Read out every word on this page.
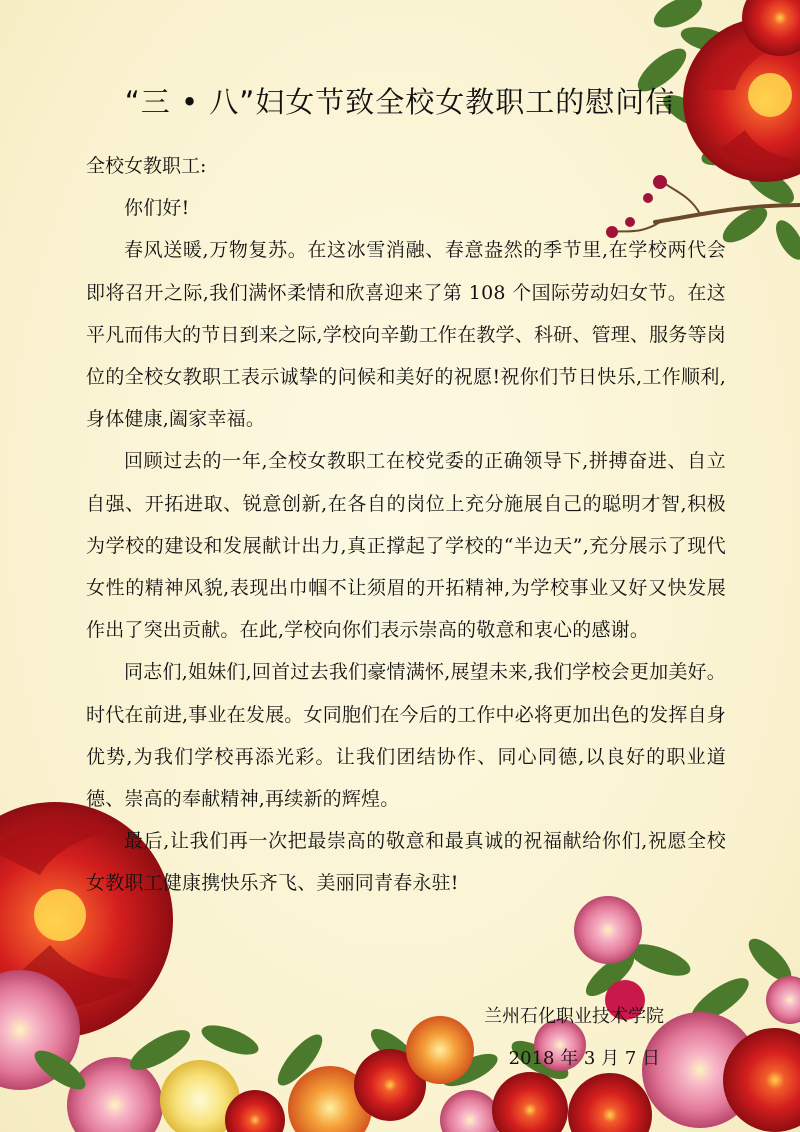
“三 • 八”妇女节致全校女教职工的慰问信

全校女教职工:

你们好!

春风送暖,万物复苏。在这冰雪消融、春意盎然的季节里,在学校两代会即将召开之际,我们满怀柔情和欣喜迎来了第 108 个国际劳动妇女节。在这平凡而伟大的节日到来之际,学校向辛勤工作在教学、科研、管理、服务等岗位的全校女教职工表示诚挚的问候和美好的祝愿!祝你们节日快乐,工作顺利,身体健康,阖家幸福。

回顾过去的一年,全校女教职工在校党委的正确领导下,拼搏奋进、自立自强、开拓进取、锐意创新,在各自的岗位上充分施展自己的聪明才智,积极为学校的建设和发展献计出力,真正撑起了学校的“半边天”,充分展示了现代女性的精神风貌,表现出巾帼不让须眉的开拓精神,为学校事业又好又快发展作出了突出贡献。在此,学校向你们表示崇高的敬意和衷心的感谢。

同志们,姐妹们,回首过去我们豪情满怀,展望未来,我们学校会更加美好。时代在前进,事业在发展。女同胞们在今后的工作中必将更加出色的发挥自身优势,为我们学校再添光彩。让我们团结协作、同心同德,以良好的职业道德、崇高的奉献精神,再续新的辉煌。

最后,让我们再一次把最崇高的敬意和最真诚的祝福献给你们,祝愿全校女教职工健康携快乐齐飞、美丽同青春永驻!

兰州石化职业技术学院

2018 年 3 月 7 日
